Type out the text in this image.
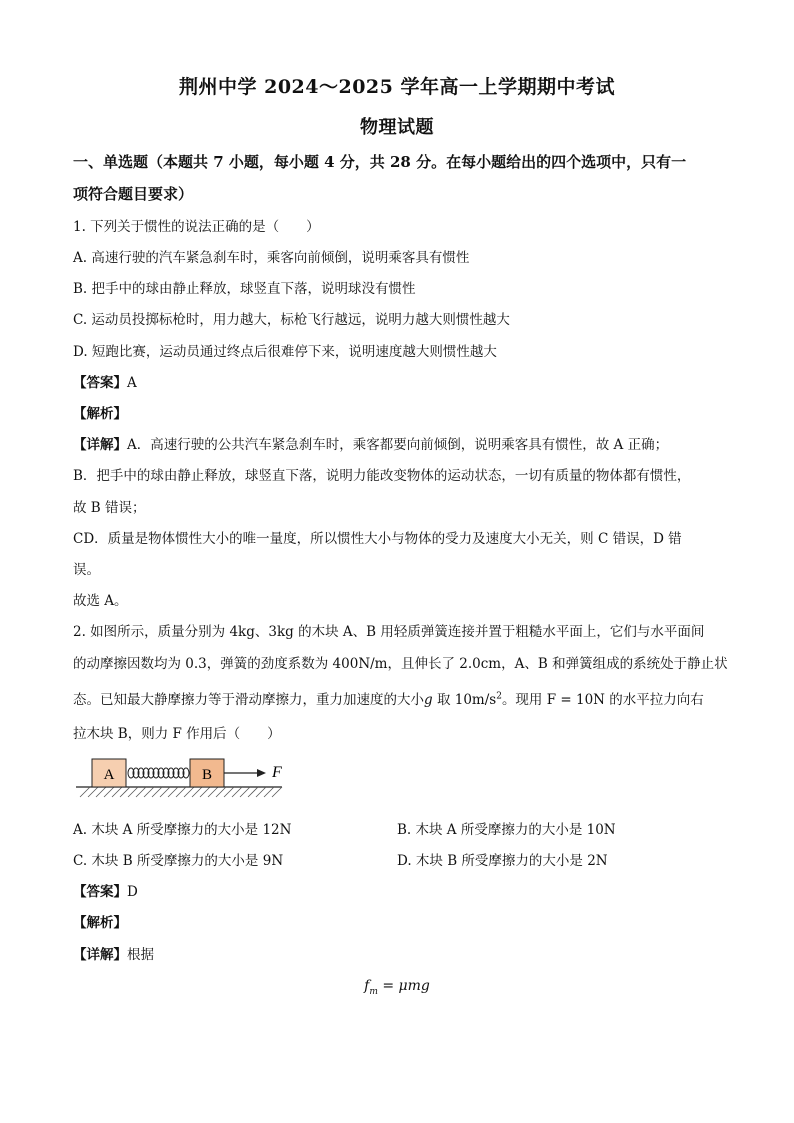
荆州中学 2024～2025 学年高一上学期期中考试
物理试题
一、单选题（本题共 7 小题，每小题 4 分，共 28 分。在每小题给出的四个选项中，只有一
项符合题目要求）
1. 下列关于惯性的说法正确的是（　　）
A. 高速行驶的汽车紧急刹车时，乘客向前倾倒，说明乘客具有惯性
B. 把手中的球由静止释放，球竖直下落，说明球没有惯性
C. 运动员投掷标枪时，用力越大，标枪飞行越远，说明力越大则惯性越大
D. 短跑比赛，运动员通过终点后很难停下来，说明速度越大则惯性越大
【答案】A
【解析】
【详解】A．高速行驶的公共汽车紧急刹车时，乘客都要向前倾倒，说明乘客具有惯性，故 A 正确；
B．把手中的球由静止释放，球竖直下落，说明力能改变物体的运动状态，一切有质量的物体都有惯性，
故 B 错误；
CD．质量是物体惯性大小的唯一量度，所以惯性大小与物体的受力及速度大小无关，则 C 错误，D 错
误。
故选 A。
2. 如图所示，质量分别为 4kg、3kg 的木块 A、B 用轻质弹簧连接并置于粗糙水平面上，它们与水平面间
的动摩擦因数均为 0.3，弹簧的劲度系数为 400N/m，且伸长了 2.0cm，A、B 和弹簧组成的系统处于静止状
态。已知最大静摩擦力等于滑动摩擦力，重力加速度的大小g 取 $10m/s^2$。现用 F = 10N 的水平拉力向右
拉木块 B，则力 F 作用后（　　）
A	B	F
A. 木块 A 所受摩擦力的大小是 12N	B. 木块 A 所受摩擦力的大小是 10N
C. 木块 B 所受摩擦力的大小是 9N	D. 木块 B 所受摩擦力的大小是 2N
【答案】D
【解析】
【详解】根据
$f_m = \mu mg$
